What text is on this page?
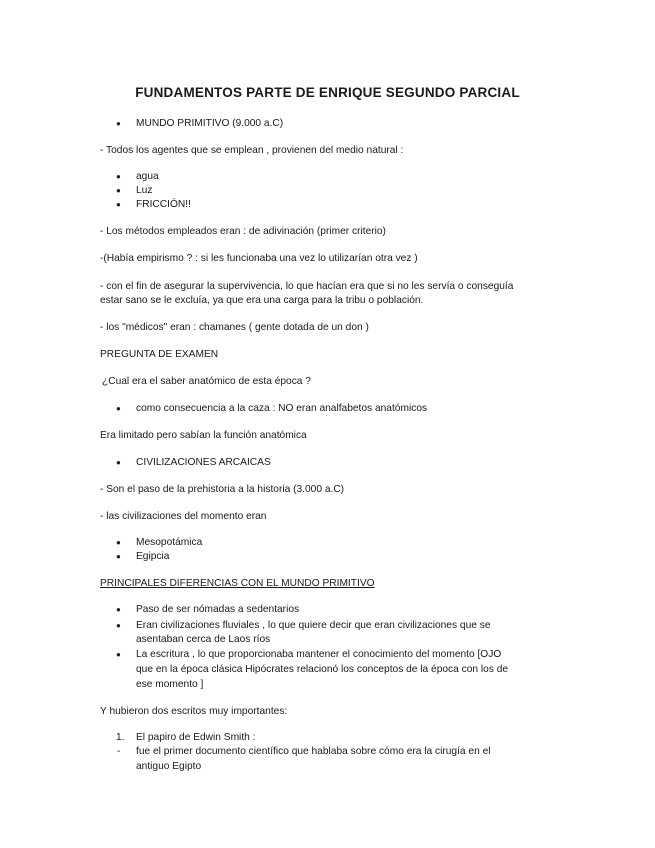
FUNDAMENTOS PARTE DE ENRIQUE SEGUNDO PARCIAL
● MUNDO PRIMITIVO (9.000 a.C)
- Todos los agentes que se emplean , provienen del medio natural :
● agua
● Luz
● FRICCIÓN!!
- Los métodos empleados eran : de adivinación (primer criterio)
-(Había empirismo ? : si les funcionaba una vez lo utilizarían otra vez )
- con el fin de asegurar la supervivencia, lo que hacían era que si no les servía o conseguía
estar sano se le excluía, ya que era una carga para la tribu o población.
- los "médicos" eran : chamanes ( gente dotada de un don )
PREGUNTA DE EXAMEN
¿Cual era el saber anatómico de esta época ?
● como consecuencia a la caza : NO eran analfabetos anatómicos
Era limitado pero sabían la función anatómica
● CIVILIZACIONES ARCAICAS
- Son el paso de la prehistoria a la historia (3.000 a.C)
- las civilizaciones del momento eran
● Mesopotámica
● Egipcia
PRINCIPALES DIFERENCIAS CON EL MUNDO PRIMITIVO
● Paso de ser nómadas a sedentarios
● Eran civilizaciones fluviales , lo que quiere decir que eran civilizaciones que se
asentaban cerca de Laos ríos
● La escritura , lo que proporcionaba mantener el conocimiento del momento [OJO
que en la época clásica Hipócrates relacionó los conceptos de la época con los de
ese momento ]
Y hubieron dos escritos muy importantes:
1. El papiro de Edwin Smith :
- fue el primer documento científico que hablaba sobre cómo era la cirugía en el
antiguo Egipto
